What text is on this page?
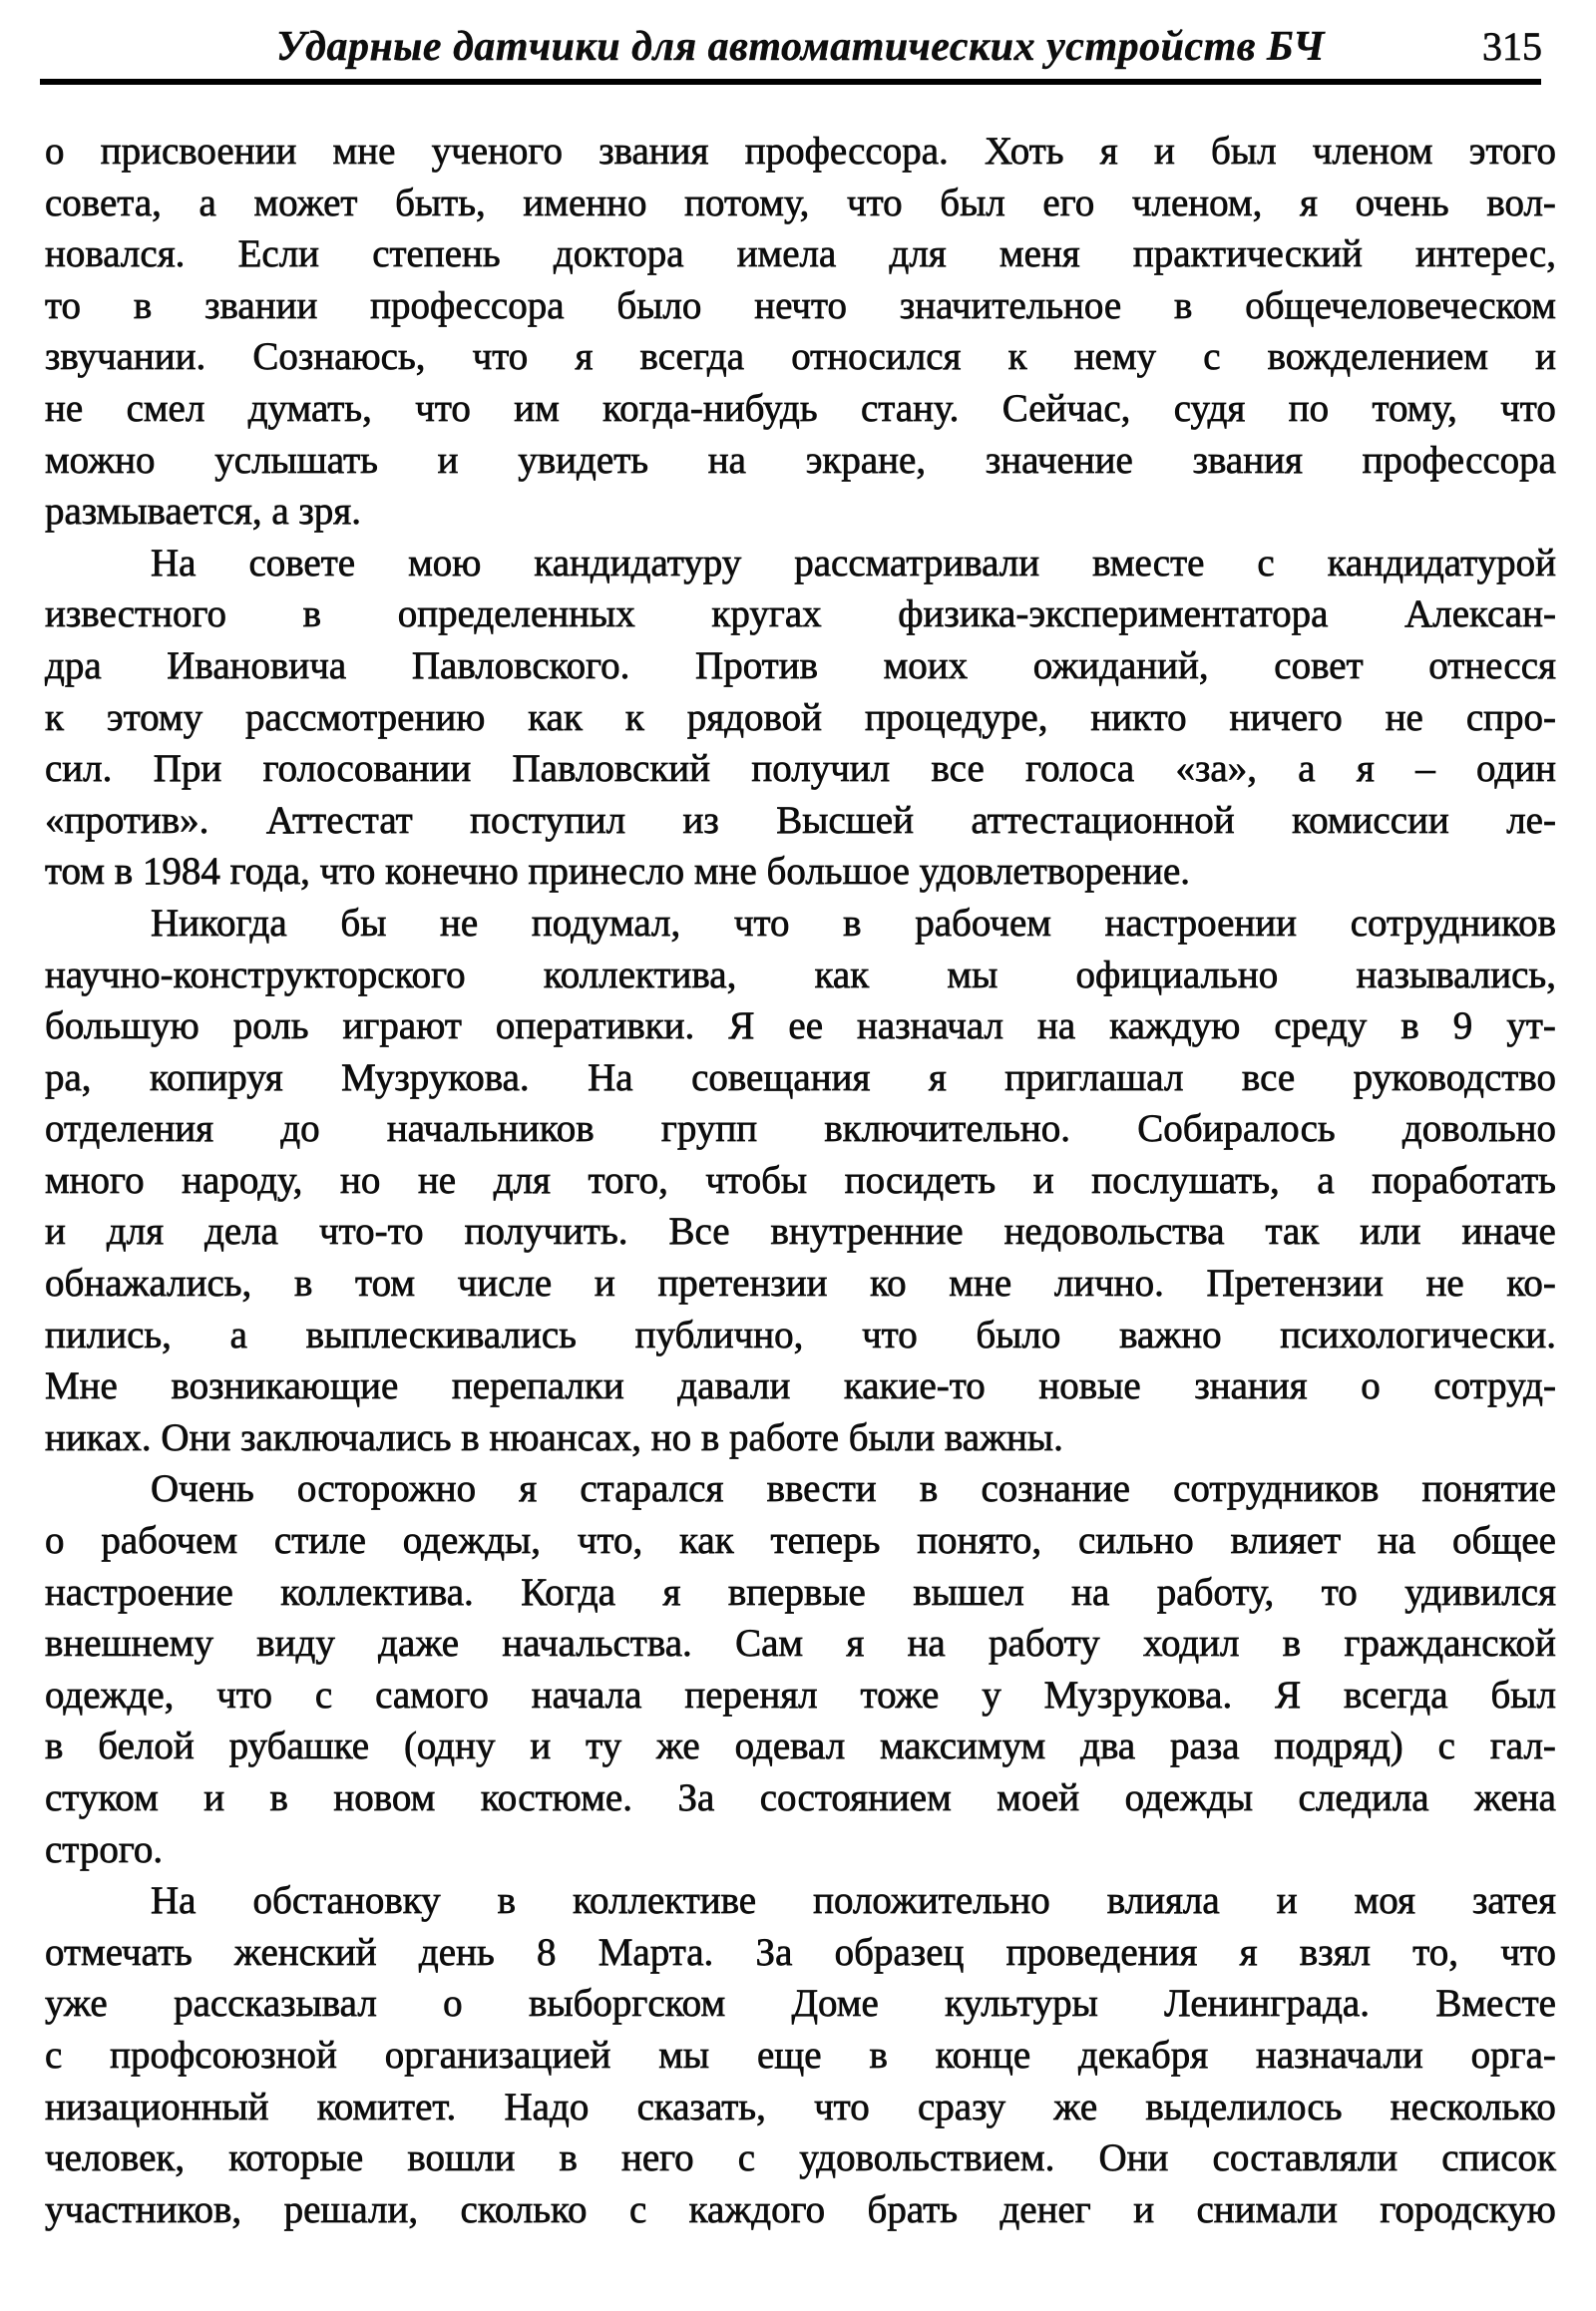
Ударные датчики для автоматических устройств БЧ	315
о присвоении мне ученого звания профессора. Хоть я и был членом этого
совета, а может быть, именно потому, что был его членом, я очень вол-
новался. Если степень доктора имела для меня практический интерес,
то в звании профессора было нечто значительное в общечеловеческом
звучании. Сознаюсь, что я всегда относился к нему с вожделением и
не смел думать, что им когда-нибудь стану. Сейчас, судя по тому, что
можно услышать и увидеть на экране, значение звания профессора
размывается, а зря.
На совете мою кандидатуру рассматривали вместе с кандидатурой
известного в определенных кругах физика-экспериментатора Алексан-
дра Ивановича Павловского. Против моих ожиданий, совет отнесся
к этому рассмотрению как к рядовой процедуре, никто ничего не спро-
сил. При голосовании Павловский получил все голоса «за», а я – один
«против». Аттестат поступил из Высшей аттестационной комиссии ле-
том в 1984 года, что конечно принесло мне большое удовлетворение.
Никогда бы не подумал, что в рабочем настроении сотрудников
научно-конструкторского коллектива, как мы официально назывались,
большую роль играют оперативки. Я ее назначал на каждую среду в 9 ут-
ра, копируя Музрукова. На совещания я приглашал все руководство
отделения до начальников групп включительно. Собиралось довольно
много народу, но не для того, чтобы посидеть и послушать, а поработать
и для дела что-то получить. Все внутренние недовольства так или иначе
обнажались, в том числе и претензии ко мне лично. Претензии не ко-
пились, а выплескивались публично, что было важно психологически.
Мне возникающие перепалки давали какие-то новые знания о сотруд-
никах. Они заключались в нюансах, но в работе были важны.
Очень осторожно я старался ввести в сознание сотрудников понятие
о рабочем стиле одежды, что, как теперь понято, сильно влияет на общее
настроение коллектива. Когда я впервые вышел на работу, то удивился
внешнему виду даже начальства. Сам я на работу ходил в гражданской
одежде, что с самого начала перенял тоже у Музрукова. Я всегда был
в белой рубашке (одну и ту же одевал максимум два раза подряд) с гал-
стуком и в новом костюме. За состоянием моей одежды следила жена
строго.
На обстановку в коллективе положительно влияла и моя затея
отмечать женский день 8 Марта. За образец проведения я взял то, что
уже рассказывал о выборгском Доме культуры Ленинграда. Вместе
с профсоюзной организацией мы еще в конце декабря назначали орга-
низационный комитет. Надо сказать, что сразу же выделилось несколько
человек, которые вошли в него с удовольствием. Они составляли список
участников, решали, сколько с каждого брать денег и снимали городскую
